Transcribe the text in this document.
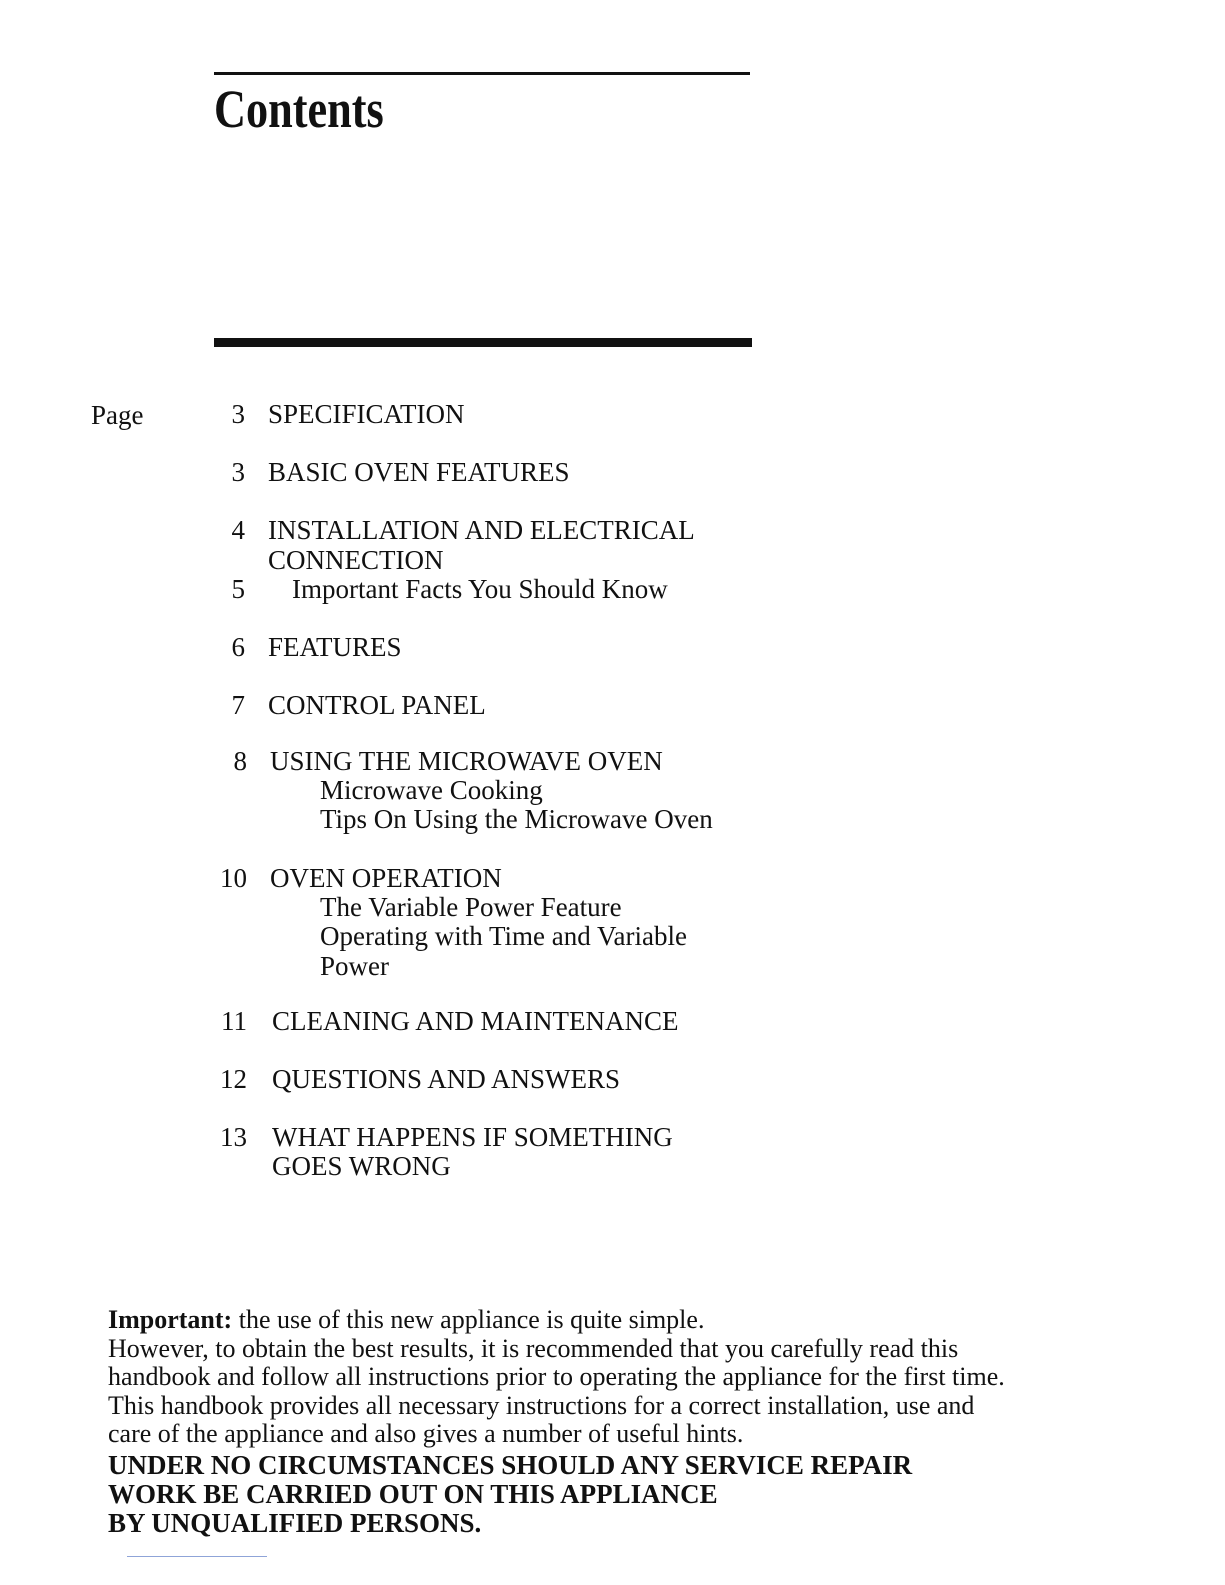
Contents
Page	3 SPECIFICATION
3 BASIC OVEN FEATURES
4 INSTALLATION AND ELECTRICAL
CONNECTION
5 Important Facts You Should Know
6 FEATURES
7 CONTROL PANEL
8 USING THE MICROWAVE OVEN
Microwave Cooking
Tips On Using the Microwave Oven
10 OVEN OPERATION
The Variable Power Feature
Operating with Time and Variable
Power
11 CLEANING AND MAINTENANCE
12 QUESTIONS AND ANSWERS
13 WHAT HAPPENS IF SOMETHING
GOES WRONG

Important: the use of this new appliance is quite simple.

However, to obtain the best results, it is recommended that you carefully read this

handbook and follow all instructions prior to operating the appliance for the first time.

This handbook provides all necessary instructions for a correct installation, use and

care of the appliance and also gives a number of useful hints.

UNDER NO CIRCUMSTANCES SHOULD ANY SERVICE REPAIR
WORK BE CARRIED OUT ON THIS APPLIANCE
BY UNQUALIFIED PERSONS.
